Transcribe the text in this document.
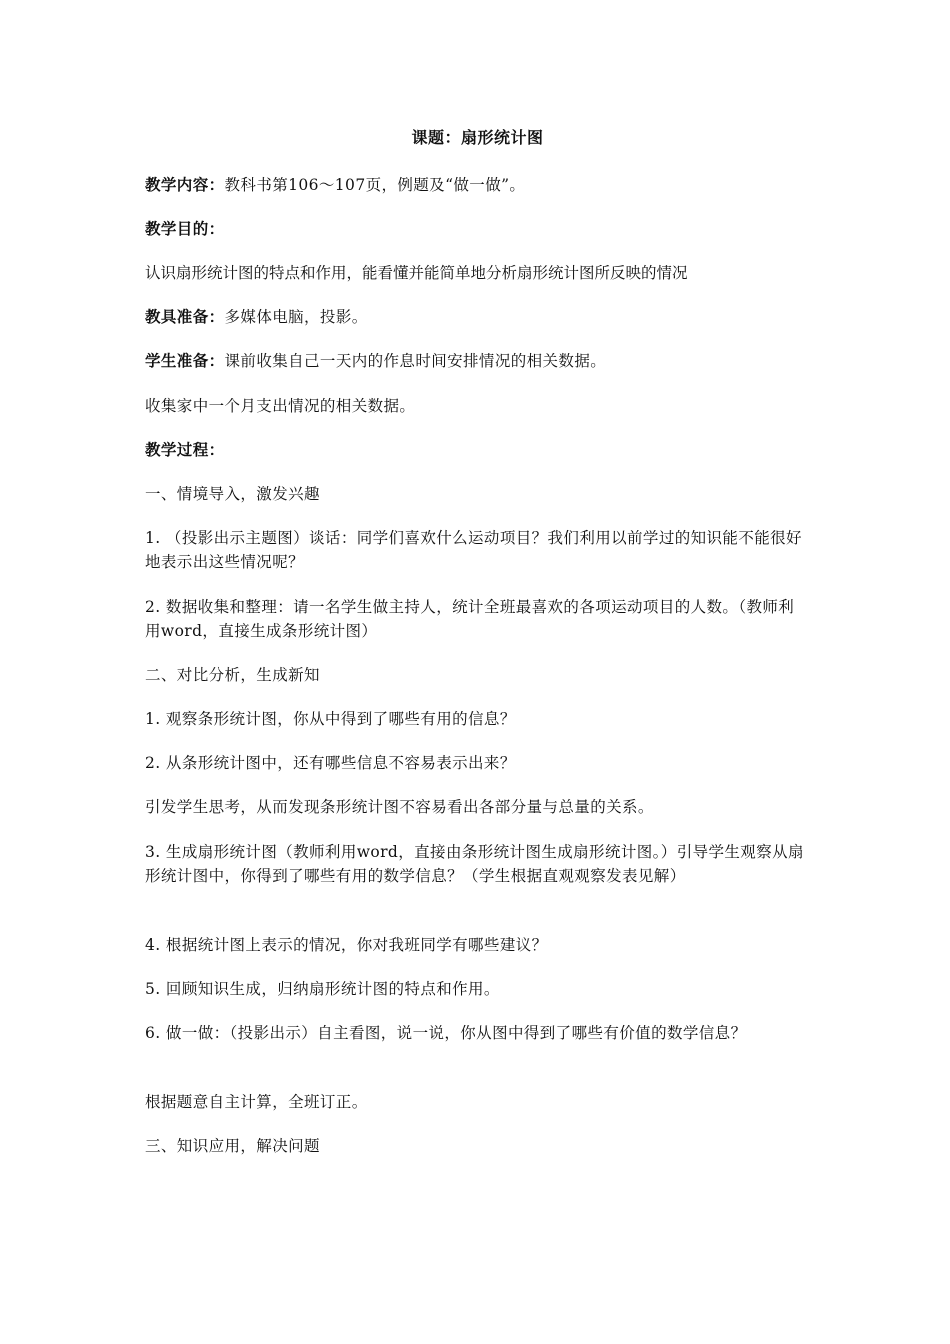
课题：扇形统计图

教学内容：教科书第106～107页，例题及“做一做”。

教学目的：

认识扇形统计图的特点和作用，能看懂并能简单地分析扇形统计图所反映的情况

教具准备：多媒体电脑，投影。

学生准备：课前收集自己一天内的作息时间安排情况的相关数据。

收集家中一个月支出情况的相关数据。

教学过程：

一、情境导入，激发兴趣

1. （投影出示主题图）谈话：同学们喜欢什么运动项目？我们利用以前学过的知识能不能很好地表示出这些情况呢？

2. 数据收集和整理：请一名学生做主持人，统计全班最喜欢的各项运动项目的人数。（教师利用word，直接生成条形统计图）

二、对比分析，生成新知

1. 观察条形统计图，你从中得到了哪些有用的信息？

2. 从条形统计图中，还有哪些信息不容易表示出来？

引发学生思考，从而发现条形统计图不容易看出各部分量与总量的关系。

3. 生成扇形统计图（教师利用word，直接由条形统计图生成扇形统计图。）引导学生观察从扇形统计图中，你得到了哪些有用的数学信息？（学生根据直观观察发表见解）

4. 根据统计图上表示的情况，你对我班同学有哪些建议？

5. 回顾知识生成，归纳扇形统计图的特点和作用。

6. 做一做：（投影出示）自主看图，说一说，你从图中得到了哪些有价值的数学信息？

根据题意自主计算，全班订正。

三、知识应用，解决问题
